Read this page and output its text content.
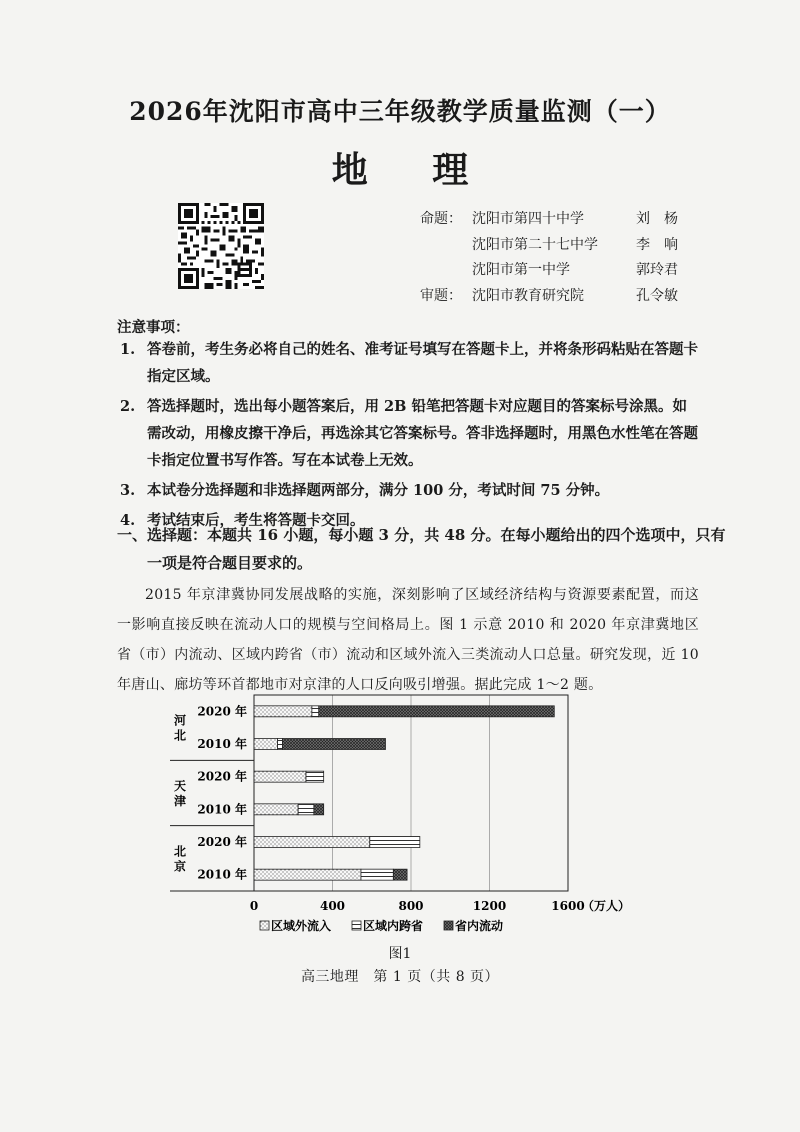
2026年沈阳市高中三年级教学质量监测（一）
地 理
命题： 沈阳市第四十中学	刘　杨
沈阳市第二十七中学	李　响
沈阳市第一中学	郭玲君
审题： 沈阳市教育研究院	孔令敏
注意事项：
1. 答卷前，考生务必将自己的姓名、准考证号填写在答题卡上，并将条形码粘贴在答题卡指定区域。
2. 答选择题时，选出每小题答案后，用 2B 铅笔把答题卡对应题目的答案标号涂黑。如需改动，用橡皮擦干净后，再选涂其它答案标号。答非选择题时，用黑色水性笔在答题卡指定位置书写作答。写在本试卷上无效。
3. 本试卷分选择题和非选择题两部分，满分 100 分，考试时间 75 分钟。
4. 考试结束后，考生将答题卡交回。
一、选择题：本题共 16 小题，每小题 3 分，共 48 分。在每小题给出的四个选项中，只有一项是符合题目要求的。
2015 年京津冀协同发展战略的实施，深刻影响了区域经济结构与资源要素配置，而这一影响直接反映在流动人口的规模与空间格局上。图 1 示意 2010 和 2020 年京津冀地区省（市）内流动、区域内跨省（市）流动和区域外流入三类流动人口总量。研究发现，近 10 年唐山、廊坊等环首都地市对京津的人口反向吸引增强。据此完成 1～2 题。
2020 年
2010 年
2020 年
2010 年
2020 年
2010 年
河
北
天
津
北
京
0	400	800	1200	1600
（万人）
区域外流入	区域内跨省	省内流动
图1
高三地理　第 1 页（共 8 页）
